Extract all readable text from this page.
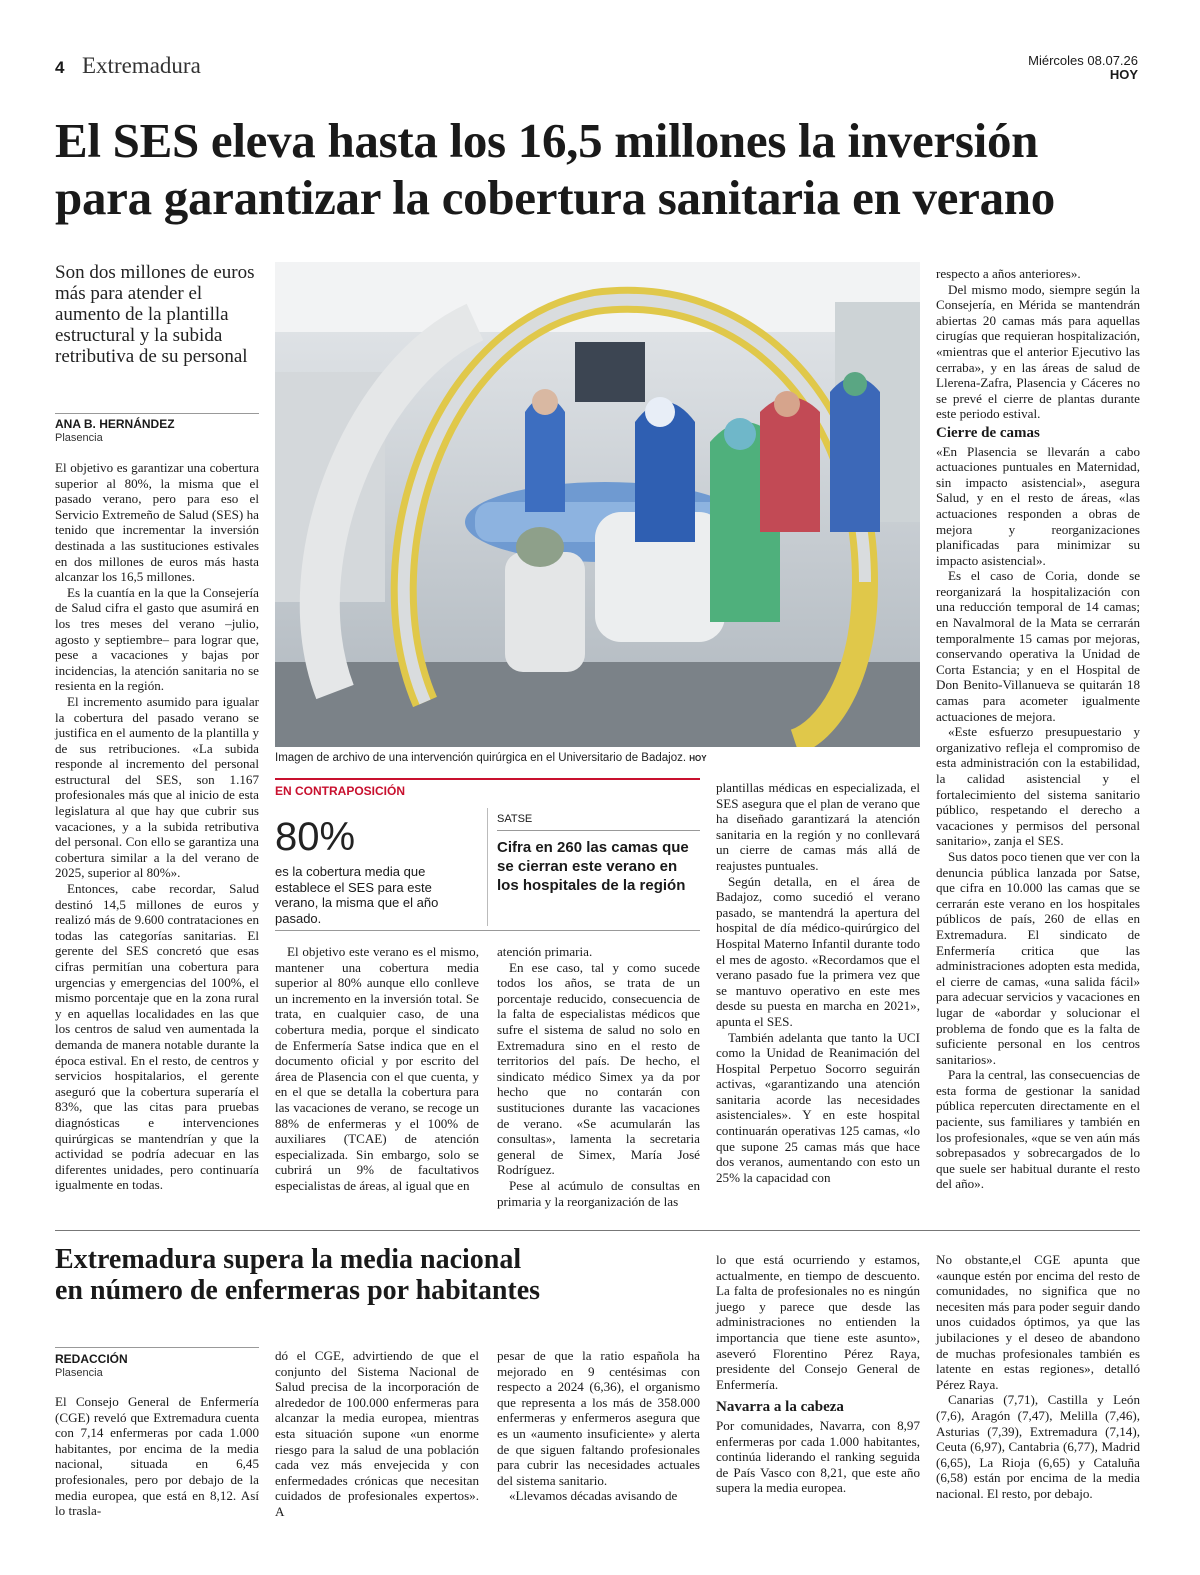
4 Extremadura	Miércoles 08.07.26
HOY
El SES eleva hasta los 16,5 millones la inversión
para garantizar la cobertura sanitaria en verano
Son dos millones de euros más para atender el aumento de la plantilla estructural y la subida retributiva de su personal
ANA B. HERNÁNDEZ
Plasencia

El objetivo es garantizar una cobertura superior al 80%, la misma que el pasado verano, pero para eso el Servicio Extremeño de Salud (SES) ha tenido que incrementar la inversión destinada a las sustituciones estivales en dos millones de euros más hasta alcanzar los 16,5 millones.

Es la cuantía en la que la Consejería de Salud cifra el gasto que asumirá en los tres meses del verano –julio, agosto y septiembre– para lograr que, pese a vacaciones y bajas por incidencias, la atención sanitaria no se resienta en la región.

El incremento asumido para igualar la cobertura del pasado verano se justifica en el aumento de la plantilla y de sus retribuciones. «La subida responde al incremento del personal estructural del SES, son 1.167 profesionales más que al inicio de esta legislatura al que hay que cubrir sus vacaciones, y a la subida retributiva del personal. Con ello se garantiza una cobertura similar a la del verano de 2025, superior al 80%».

Entonces, cabe recordar, Salud destinó 14,5 millones de euros y realizó más de 9.600 contrataciones en todas las categorías sanitarias. El gerente del SES concretó que esas cifras permitían una cobertura para urgencias y emergencias del 100%, el mismo porcentaje que en la zona rural y en aquellas localidades en las que los centros de salud ven aumentada la demanda de manera notable durante la época estival. En el resto, de centros y servicios hospitalarios, el gerente aseguró que la cobertura superaría el 83%, que las citas para pruebas diagnósticas e intervenciones quirúrgicas se mantendrían y que la actividad se podría adecuar en las diferentes unidades, pero continuaría igualmente en todas.

Imagen de archivo de una intervención quirúrgica en el Universitario de Badajoz. HOY
EN CONTRAPOSICIÓN
80%
es la cobertura media que establece el SES para este verano, la misma que el año pasado.
SATSE
Cifra en 260 las camas que se cierran este verano en los hospitales de la región

El objetivo este verano es el mismo, mantener una cobertura media superior al 80% aunque ello conlleve un incremento en la inversión total. Se trata, en cualquier caso, de una cobertura media, porque el sindicato de Enfermería Satse indica que en el documento oficial y por escrito del área de Plasencia con el que cuenta, y en el que se detalla la cobertura para las vacaciones de verano, se recoge un 88% de enfermeras y el 100% de auxiliares (TCAE) de atención especializada. Sin embargo, solo se cubrirá un 9% de facultativos especialistas de áreas, al igual que en

atención primaria.

En ese caso, tal y como sucede todos los años, se trata de un porcentaje reducido, consecuencia de la falta de especialistas médicos que sufre el sistema de salud no solo en Extremadura sino en el resto de territorios del país. De hecho, el sindicato médico Simex ya da por hecho que no contarán con sustituciones durante las vacaciones de verano. «Se acumularán las consultas», lamenta la secretaria general de Simex, María José Rodríguez.

Pese al acúmulo de consultas en primaria y la reorganización de las

plantillas médicas en especializada, el SES asegura que el plan de verano que ha diseñado garantizará la atención sanitaria en la región y no conllevará un cierre de camas más allá de reajustes puntuales.

Según detalla, en el área de Badajoz, como sucedió el verano pasado, se mantendrá la apertura del hospital de día médico-quirúrgico del Hospital Materno Infantil durante todo el mes de agosto. «Recordamos que el verano pasado fue la primera vez que se mantuvo operativo en este mes desde su puesta en marcha en 2021», apunta el SES.

También adelanta que tanto la UCI como la Unidad de Reanimación del Hospital Perpetuo Socorro seguirán activas, «garantizando una atención sanitaria acorde las necesidades asistenciales». Y en este hospital continuarán operativas 125 camas, «lo que supone 25 camas más que hace dos veranos, aumentando con esto un 25% la capacidad con

respecto a años anteriores».

Del mismo modo, siempre según la Consejería, en Mérida se mantendrán abiertas 20 camas más para aquellas cirugías que requieran hospitalización, «mientras que el anterior Ejecutivo las cerraba», y en las áreas de salud de Llerena-Zafra, Plasencia y Cáceres no se prevé el cierre de plantas durante este periodo estival.

Cierre de camas

«En Plasencia se llevarán a cabo actuaciones puntuales en Maternidad, sin impacto asistencial», asegura Salud, y en el resto de áreas, «las actuaciones responden a obras de mejora y reorganizaciones planificadas para minimizar su impacto asistencial».

Es el caso de Coria, donde se reorganizará la hospitalización con una reducción temporal de 14 camas; en Navalmoral de la Mata se cerrarán temporalmente 15 camas por mejoras, conservando operativa la Unidad de Corta Estancia; y en el Hospital de Don Benito-Villanueva se quitarán 18 camas para acometer igualmente actuaciones de mejora.

«Este esfuerzo presupuestario y organizativo refleja el compromiso de esta administración con la estabilidad, la calidad asistencial y el fortalecimiento del sistema sanitario público, respetando el derecho a vacaciones y permisos del personal sanitario», zanja el SES.

Sus datos poco tienen que ver con la denuncia pública lanzada por Satse, que cifra en 10.000 las camas que se cerrarán este verano en los hospitales públicos de país, 260 de ellas en Extremadura. El sindicato de Enfermería critica que las administraciones adopten esta medida, el cierre de camas, «una salida fácil» para adecuar servicios y vacaciones en lugar de «abordar y solucionar el problema de fondo que es la falta de suficiente personal en los centros sanitarios».

Para la central, las consecuencias de esta forma de gestionar la sanidad pública repercuten directamente en el paciente, sus familiares y también en los profesionales, «que se ven aún más sobrepasados y sobrecargados de lo que suele ser habitual durante el resto del año».

Extremadura supera la media nacional
en número de enfermeras por habitantes
REDACCIÓN
Plasencia

El Consejo General de Enfermería (CGE) reveló que Extremadura cuenta con 7,14 enfermeras por cada 1.000 habitantes, por encima de la media nacional, situada en 6,45 profesionales, pero por debajo de la media europea, que está en 8,12. Así lo trasla-

dó el CGE, advirtiendo de que el conjunto del Sistema Nacional de Salud precisa de la incorporación de alrededor de 100.000 enfermeras para alcanzar la media europea, mientras esta situación supone «un enorme riesgo para la salud de una población cada vez más envejecida y con enfermedades crónicas que necesitan cuidados de profesionales expertos». A

pesar de que la ratio española ha mejorado en 9 centésimas con respecto a 2024 (6,36), el organismo que representa a los más de 358.000 enfermeras y enfermeros asegura que es un «aumento insuficiente» y alerta de que siguen faltando profesionales para cubrir las necesidades actuales del sistema sanitario.

«Llevamos décadas avisando de

lo que está ocurriendo y estamos, actualmente, en tiempo de descuento. La falta de profesionales no es ningún juego y parece que desde las administraciones no entienden la importancia que tiene este asunto», aseveró Florentino Pérez Raya, presidente del Consejo General de Enfermería.

Navarra a la cabeza

Por comunidades, Navarra, con 8,97 enfermeras por cada 1.000 habitantes, continúa liderando el ranking seguida de País Vasco con 8,21, que este año supera la media europea.

No obstante,el CGE apunta que «aunque estén por encima del resto de comunidades, no significa que no necesiten más para poder seguir dando unos cuidados óptimos, ya que las jubilaciones y el deseo de abandono de muchas profesionales también es latente en estas regiones», detalló Pérez Raya.

Canarias (7,71), Castilla y León (7,6), Aragón (7,47), Melilla (7,46), Asturias (7,39), Extremadura (7,14), Ceuta (6,97), Cantabria (6,77), Madrid (6,65), La Rioja (6,65) y Cataluña (6,58) están por encima de la media nacional. El resto, por debajo.
